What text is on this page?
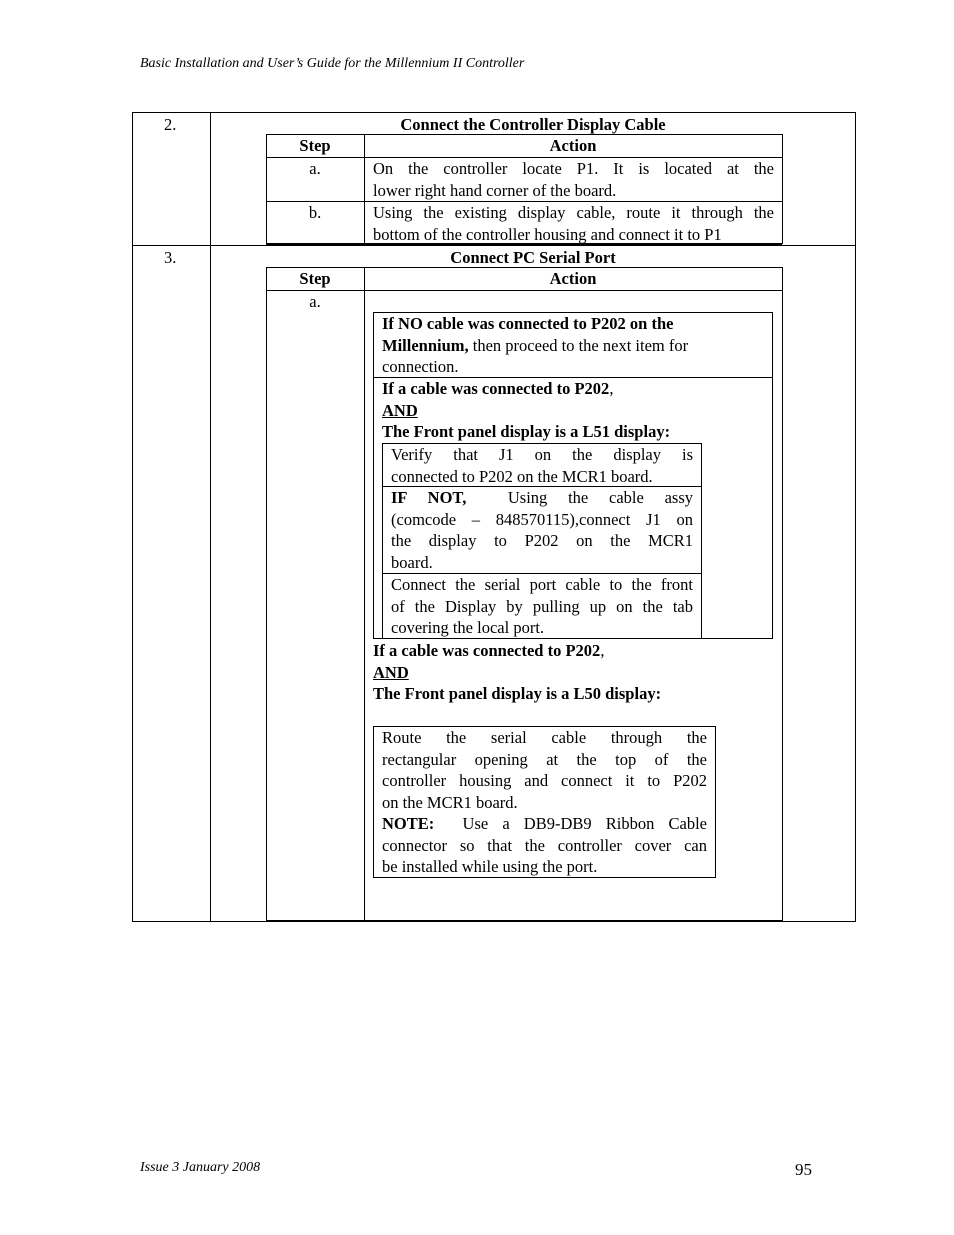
Basic Installation and User’s Guide for the Millennium II Controller
Issue 3 January 2008	95
2.	Connect the Controller Display Cable
Step	Action
a.	On the controller locate P1. It is located at the
lower right hand corner of the board.
b.	Using the existing display cable, route it through the
bottom of the controller housing and connect it to P1
3.	Connect PC Serial Port
Step	Action
a.
If NO cable was connected to P202 on the
Millennium, then proceed to the next item for
connection.
If a cable was connected to P202,
AND
The Front panel display is a L51 display:
Verify that J1 on the display is
connected to P202 on the MCR1 board.
IF NOT,	Using the cable assy
(comcode – 848570115),connect J1 on
the display to P202 on the MCR1
board.
Connect the serial port cable to the front
of the Display by pulling up on the tab
covering the local port.
If a cable was connected to P202,
AND
The Front panel display is a L50 display:
Route the serial cable through the
rectangular opening at the top of the
controller housing and connect it to P202
on the MCR1 board.
NOTE: Use a DB9-DB9 Ribbon Cable
connector so that the controller cover can
be installed while using the port.
